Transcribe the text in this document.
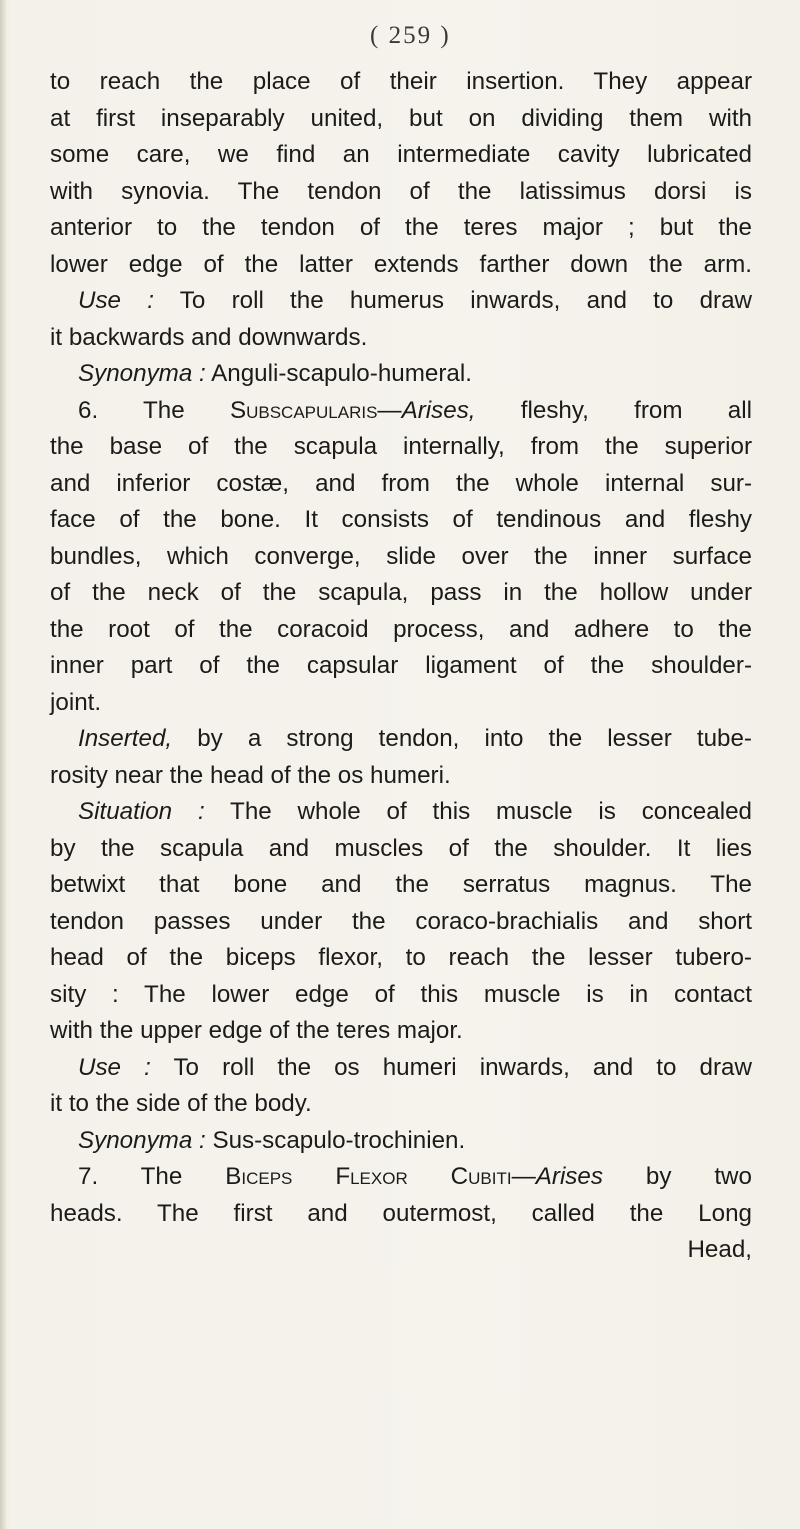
( 259 )
to reach the place of their insertion. They appear
at first inseparably united, but on dividing them with
some care, we find an intermediate cavity lubricated
with synovia. The tendon of the latissimus dorsi is
anterior to the tendon of the teres major ; but the
lower edge of the latter extends farther down the arm.
Use : To roll the humerus inwards, and to draw
it backwards and downwards.
Synonyma : Anguli-scapulo-humeral.
6. The Subscapularis—Arises, fleshy, from all
the base of the scapula internally, from the superior
and inferior costæ, and from the whole internal sur-
face of the bone. It consists of tendinous and fleshy
bundles, which converge, slide over the inner surface
of the neck of the scapula, pass in the hollow under
the root of the coracoid process, and adhere to the
inner part of the capsular ligament of the shoulder-
joint.
Inserted, by a strong tendon, into the lesser tube-
rosity near the head of the os humeri.
Situation : The whole of this muscle is concealed
by the scapula and muscles of the shoulder. It lies
betwixt that bone and the serratus magnus. The
tendon passes under the coraco-brachialis and short
head of the biceps flexor, to reach the lesser tubero-
sity : The lower edge of this muscle is in contact
with the upper edge of the teres major.
Use : To roll the os humeri inwards, and to draw
it to the side of the body.
Synonyma : Sus-scapulo-trochinien.
7. The Biceps Flexor Cubiti—Arises by two
heads. The first and outermost, called the Long
Head,
